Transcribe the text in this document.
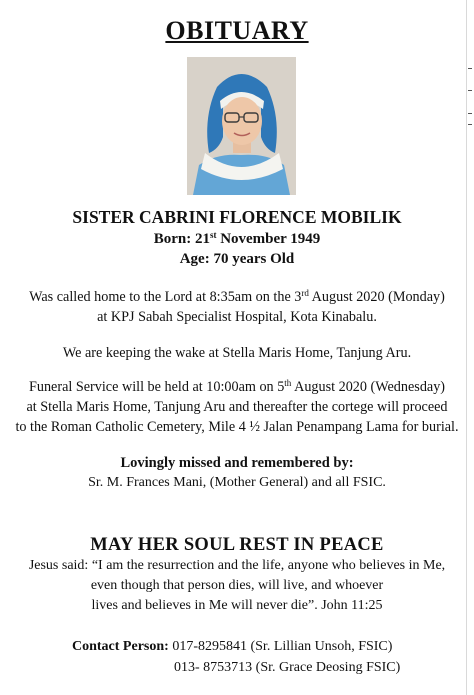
OBITUARY
SISTER CABRINI FLORENCE MOBILIK
Born: 21st November 1949
Age: 70 years Old
Was called home to the Lord at 8:35am on the 3rd August 2020 (Monday)
at KPJ Sabah Specialist Hospital, Kota Kinabalu.
We are keeping the wake at Stella Maris Home, Tanjung Aru.
Funeral Service will be held at 10:00am on 5th August 2020 (Wednesday)
at Stella Maris Home, Tanjung Aru and thereafter the cortege will proceed
to the Roman Catholic Cemetery, Mile 4 ½ Jalan Penampang Lama for burial.
Lovingly missed and remembered by:
Sr. M. Frances Mani, (Mother General) and all FSIC.
MAY HER SOUL REST IN PEACE
Jesus said: “I am the resurrection and the life, anyone who believes in Me,
even though that person dies, will live, and whoever
lives and believes in Me will never die”. John 11:25
Contact Person: 017-8295841 (Sr. Lillian Unsoh, FSIC)
013- 8753713 (Sr. Grace Deosing FSIC)
